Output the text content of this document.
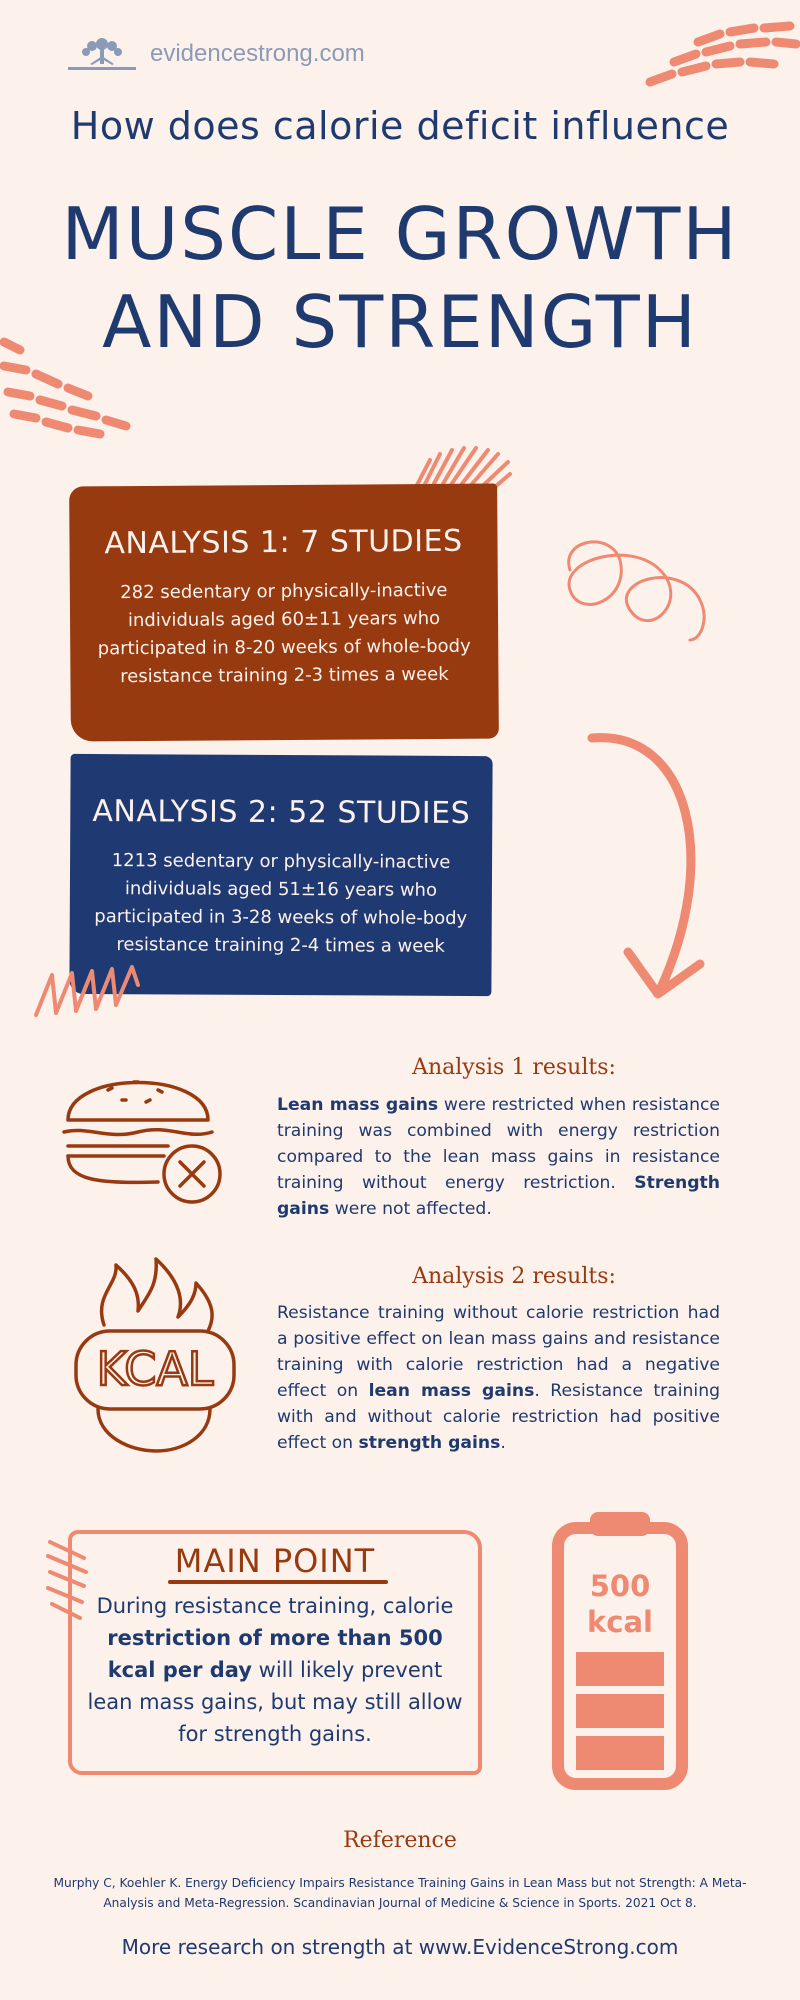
evidencestrong.com
How does calorie deficit influence
MUSCLE GROWTH
AND STRENGTH
ANALYSIS 1: 7 STUDIES
282 sedentary or physically-inactive individuals aged 60±11 years who participated in 8-20 weeks of whole-body resistance training 2-3 times a week
ANALYSIS 2: 52 STUDIES
1213 sedentary or physically-inactive individuals aged 51±16 years who participated in 3-28 weeks of whole-body resistance training 2-4 times a week
Analysis 1 results:
Lean mass gains were restricted when resistance training was combined with energy restriction compared to the lean mass gains in resistance training without energy restriction. Strength gains were not affected.
KCAL
Analysis 2 results:
Resistance training without calorie restriction had a positive effect on lean mass gains and resistance training with calorie restriction had a negative effect on lean mass gains. Resistance training with and without calorie restriction had positive effect on strength gains.
MAIN POINT
During resistance training, calorie restriction of more than 500 kcal per day will likely prevent lean mass gains, but may still allow for strength gains.
500
kcal
Reference
Murphy C, Koehler K. Energy Deficiency Impairs Resistance Training Gains in Lean Mass but not Strength: A Meta-Analysis and Meta-Regression. Scandinavian Journal of Medicine & Science in Sports. 2021 Oct 8.
More research on strength at www.EvidenceStrong.com
